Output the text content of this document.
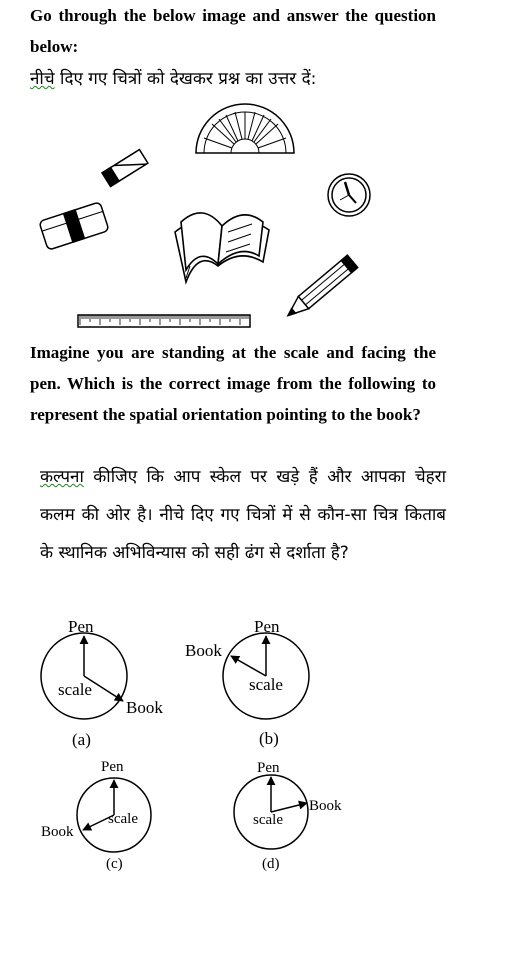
Go through the below image and answer the question below:
नीचे दिए गए चित्रों को देखकर प्रश्न का उत्तर दें:
Imagine you are standing at the scale and facing the pen. Which is the correct image from the following to represent the spatial orientation pointing to the book?
कल्पना कीजिए कि आप स्केल पर खड़े हैं और आपका चेहरा कलम की ओर है। नीचे दिए गए चित्रों में से कौन-सा चित्र किताब के स्थानिक अभिविन्यास को सही ढंग से दर्शाता है?
Pen
scale
Book
(a)
Pen
scale
Book
(b)
Pen
scale
Book
(c)
Pen
scale
Book
(d)
